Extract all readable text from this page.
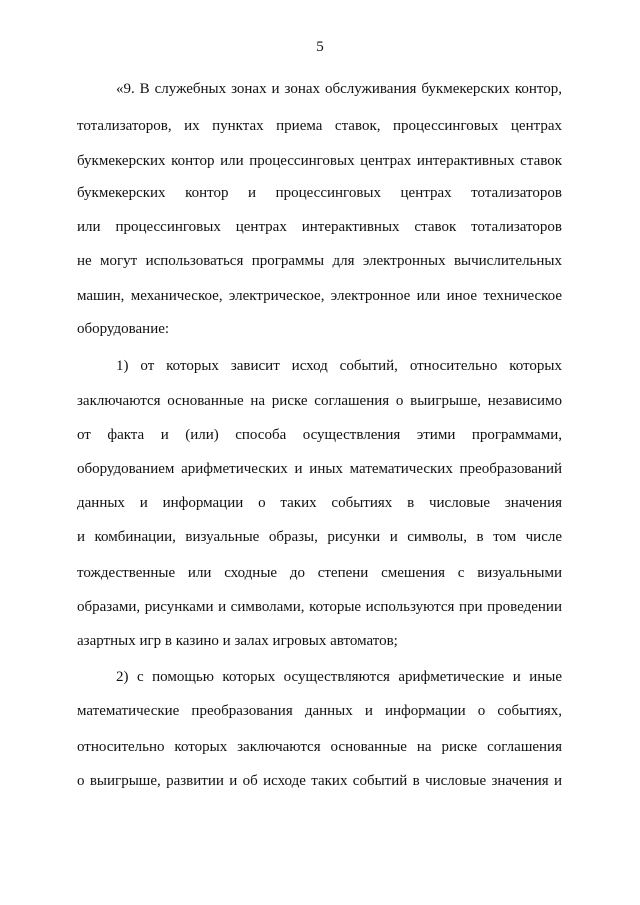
5
«9. В служебных зонах и зонах обслуживания букмекерских контор,
тотализаторов, их пунктах приема ставок, процессинговых центрах
букмекерских контор или процессинговых центрах интерактивных ставок
букмекерских контор и процессинговых центрах тотализаторов
или процессинговых центрах интерактивных ставок тотализаторов
не могут использоваться программы для электронных вычислительных
машин, механическое, электрическое, электронное или иное техническое
оборудование:
1) от которых зависит исход событий, относительно которых
заключаются основанные на риске соглашения о выигрыше, независимо
от факта и (или) способа осуществления этими программами,
оборудованием арифметических и иных математических преобразований
данных и информации о таких событиях в числовые значения
и комбинации, визуальные образы, рисунки и символы, в том числе
тождественные или сходные до степени смешения с визуальными
образами, рисунками и символами, которые используются при проведении
азартных игр в казино и залах игровых автоматов;
2) с помощью которых осуществляются арифметические и иные
математические преобразования данных и информации о событиях,
относительно которых заключаются основанные на риске соглашения
о выигрыше, развитии и об исходе таких событий в числовые значения и
